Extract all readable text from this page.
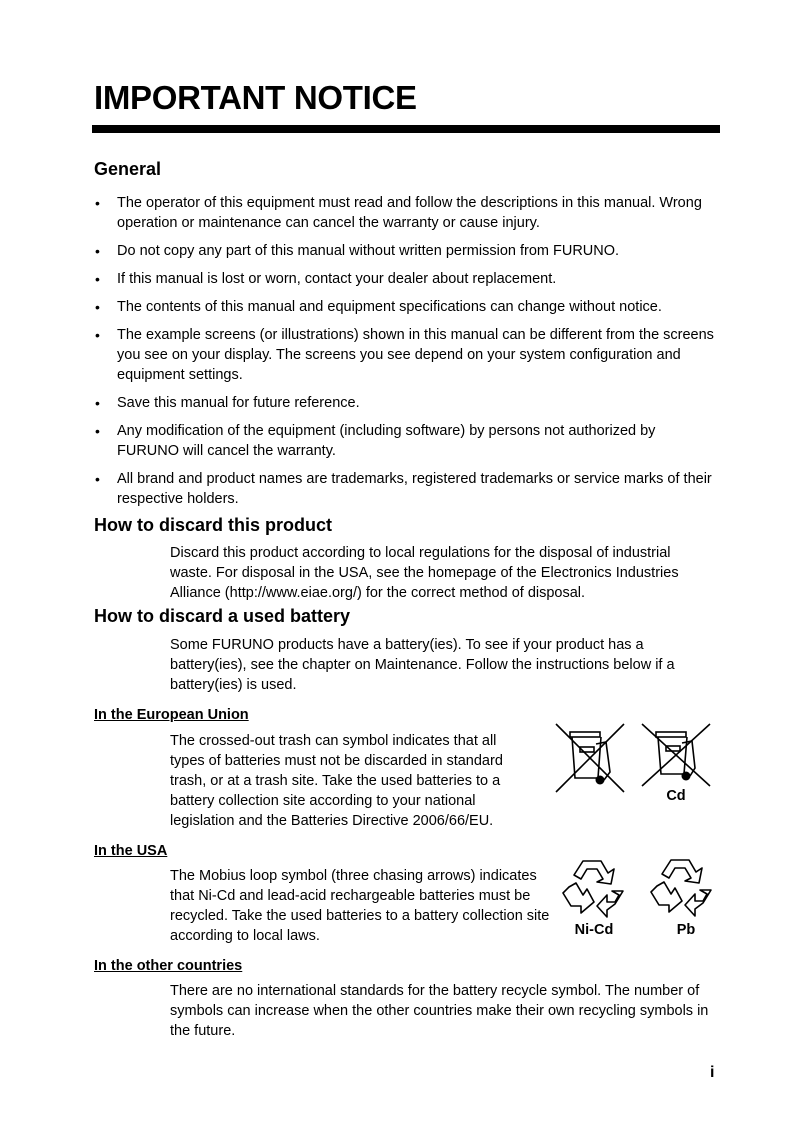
IMPORTANT NOTICE
General
• The operator of this equipment must read and follow the descriptions in this manual. Wrong operation or maintenance can cancel the warranty or cause injury.
• Do not copy any part of this manual without written permission from FURUNO.
• If this manual is lost or worn, contact your dealer about replacement.
• The contents of this manual and equipment specifications can change without notice.
• The example screens (or illustrations) shown in this manual can be different from the screens you see on your display. The screens you see depend on your system configuration and equipment settings.
• Save this manual for future reference.
• Any modification of the equipment (including software) by persons not authorized by FURUNO will cancel the warranty.
• All brand and product names are trademarks, registered trademarks or service marks of their respective holders.
How to discard this product
Discard this product according to local regulations for the disposal of industrial waste. For disposal in the USA, see the homepage of the Electronics Industries Alliance (http://www.eiae.org/) for the correct method of disposal.
How to discard a used battery
Some FURUNO products have a battery(ies). To see if your product has a battery(ies), see the chapter on Maintenance. Follow the instructions below if a battery(ies) is used.
In the European Union
The crossed-out trash can symbol indicates that all types of batteries must not be discarded in standard trash, or at a trash site. Take the used batteries to a battery collection site according to your national legislation and the Batteries Directive 2006/66/EU.
Cd
In the USA
The Mobius loop symbol (three chasing arrows) indicates that Ni-Cd and lead-acid rechargeable batteries must be recycled. Take the used batteries to a battery collection site according to local laws.	Ni-Cd	Pb
In the other countries
There are no international standards for the battery recycle symbol. The number of symbols can increase when the other countries make their own recycling symbols in the future.
i
